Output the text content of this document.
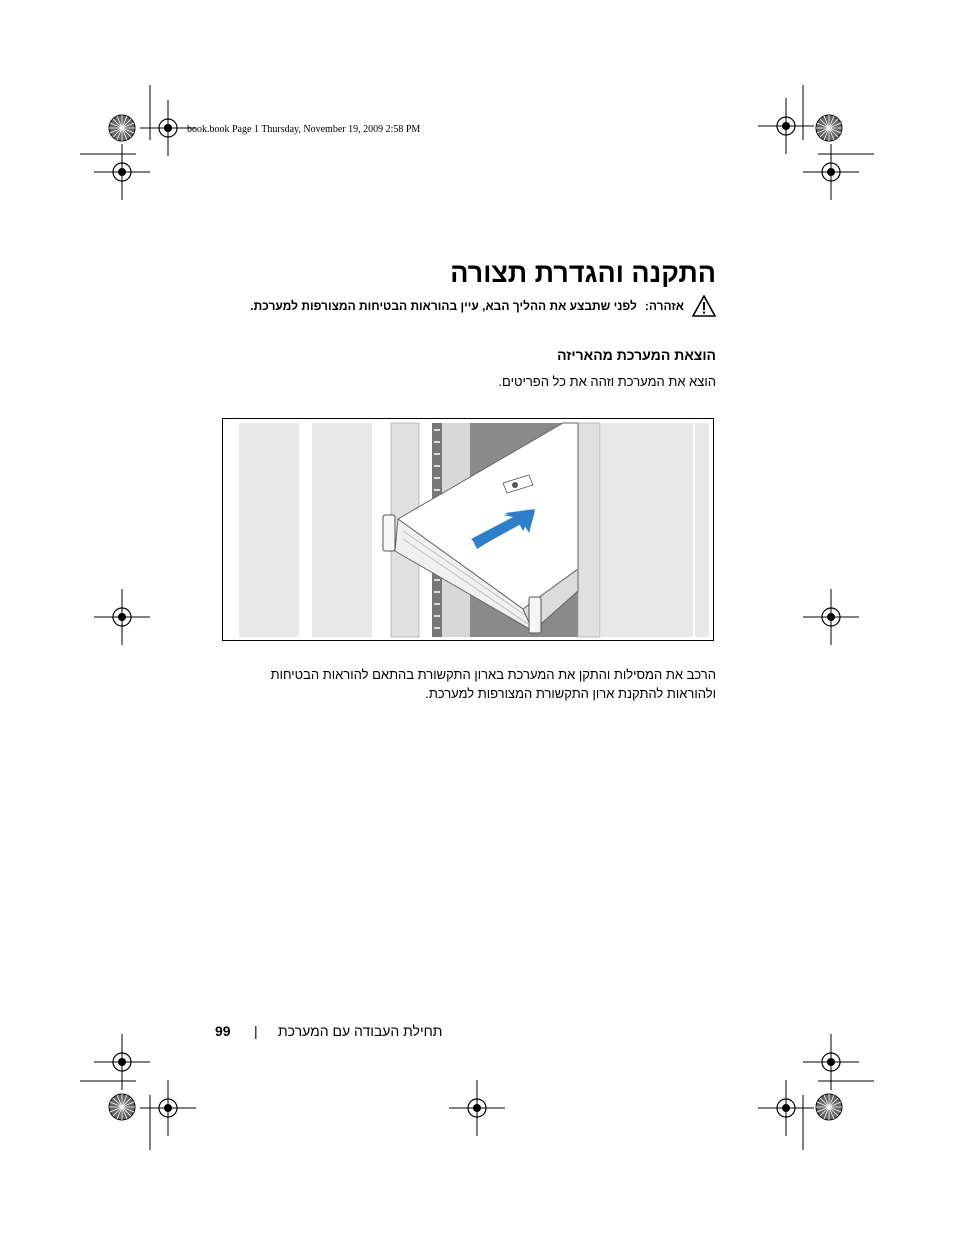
book.book Page 1 Thursday, November 19, 2009 2:58 PM
התקנה והגדרת תצורה
אזהרה:
לפני שתבצע את ההליך הבא, עיין בהוראות הבטיחות המצורפות למערכת.
הוצאת המערכת מהאריזה
הוצא את המערכת וזהה את כל הפריטים.
הרכב את המסילות והתקן את המערכת בארון התקשורת בהתאם להוראות הבטיחות
ולהוראות להתקנת ארון התקשורת המצורפות למערכת.
99 | תחילת העבודה עם המערכת
